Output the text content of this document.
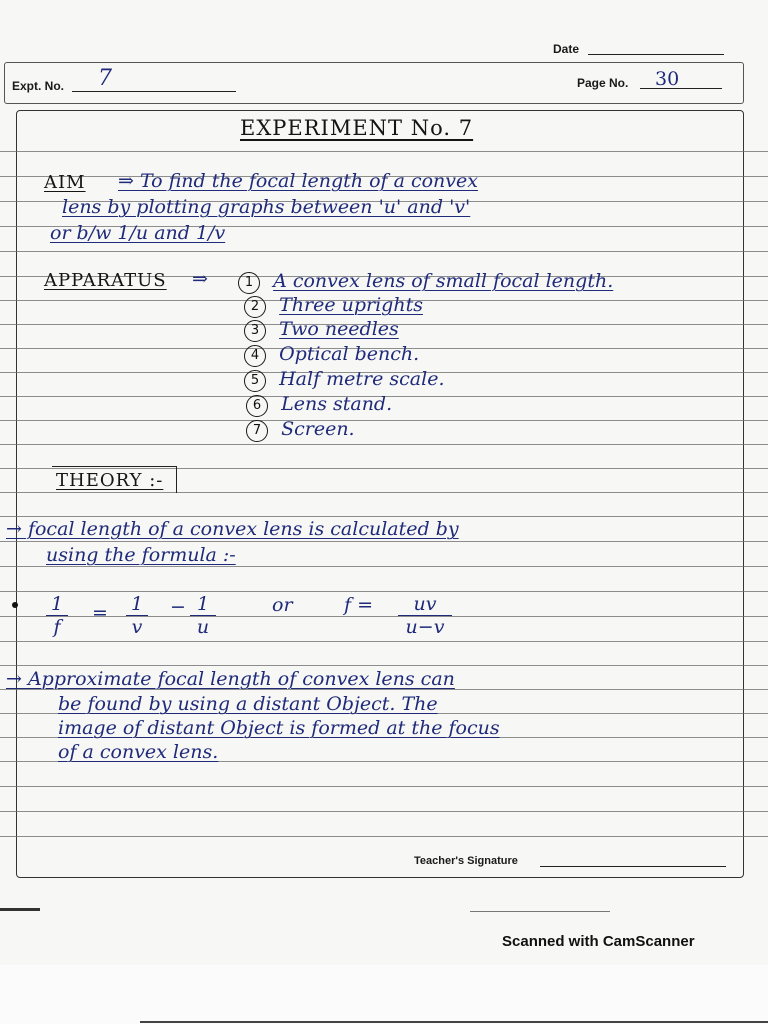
Date
Expt. No. 7	Page No. 30
EXPERIMENT No. 7
AIM ⇒ To find the focal length of a convex
lens by plotting graphs between 'u' and 'v'
or b/w 1/u and 1/v
APPARATUS ⇒	1 A convex lens of small focal length.
2 Three uprights
3 Two needles
4 Optical bench.
5 Half metre scale.
6 Lens stand.
7 Screen.
THEORY :-
→ focal length of a convex lens is calculated by
using the formula :-
1
f
= 1
v
− 1
u
or	f = uv
u−v
→ Approximate focal length of convex lens can
be found by using a distant Object. The
image of distant Object is formed at the focus
of a convex lens.
Teacher's Signature
Scanned with CamScanner
